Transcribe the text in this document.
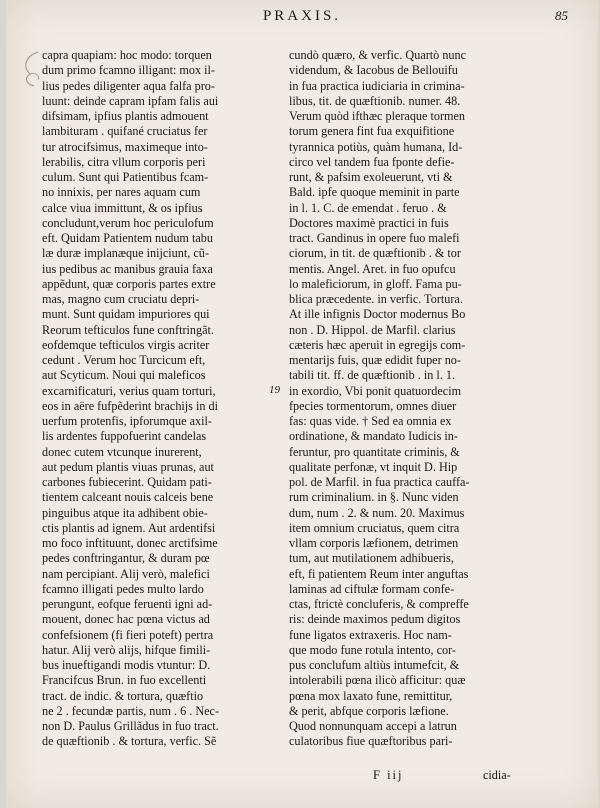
PRAXIS.	85
capra quapiam: hoc modo: torquen
dum primo fcamno illigant: mox il-
lius pedes diligenter aqua falfa pro-
luunt: deinde capram ipfam falis aui
difsimam, ipfius plantis admouent
lambituram . quifané cruciatus fer
tur atrocifsimus, maximeque into-
lerabilis, citra vllum corporis peri
culum. Sunt qui Patientibus fcam-
no innixis, per nares aquam cum
calce viua immittunt, & os ipfius
concludunt,verum hoc periculofum
eft. Quidam Patientem nudum tabu
læ duræ implanæque inijciunt, cũ-
ius pedibus ac manibus grauia faxa
appẽdunt, quæ corporis partes extre
mas, magno cum cruciatu depri-
munt. Sunt quidam impuriores qui
Reorum tefticulos fune conftringãt.
eofdemque tefticulos virgis acriter
cedunt . Verum hoc Turcicum eft,
aut Scyticum. Noui qui maleficos
excarnificaturi, verius quam torturi,
eos in aëre fufpẽderint brachijs in di
uerfum protenfis, ipforumque axil-
lis ardentes fuppofuerint candelas
donec cutem vtcunque inurerent,
aut pedum plantis viuas prunas, aut
carbones fubiecerint. Quidam pati-
tientem calceant nouis calceis bene
pinguibus atque ita adhibent obie-
ctis plantis ad ignem. Aut ardentifsi
mo foco inftituunt, donec arctifsime
pedes conftringantur, & duram pœ
nam percipiant. Alij verò, malefici
fcamno illigati pedes multo lardo
perungunt, eofque feruenti igni ad-
mouent, donec hac pœna victus ad
confefsionem (fi fieri poteft) pertra
hatur. Alij verò alijs, hifque fimili-
bus inueftigandi modis vtuntur: D.
Francifcus Brun. in fuo excellenti
tract. de indic. & tortura, quæftio
ne 2 . fecundæ partis, num . 6 . Nec-
non D. Paulus Grillãdus in fuo tract.
de quæftionib . & tortura, verfic. Sẽ
cundò quæro, & verfic. Quartò nunc
videndum, & Iacobus de Bellouifu
in fua practica iudiciaria in crimina-
libus, tit. de quæftionib. numer. 48.
Verum quòd ifthæc pleraque tormen
torum genera fint fua exquifitione
tyrannica potiùs, quàm humana, Id-
circo vel tandem fua fponte defie-
runt, & pafsim exoleuerunt, vti &
Bald. ipfe quoque meminit in parte
in l. 1. C. de emendat . feruo . &
Doctores maximè practici in fuis
tract. Gandinus in opere fuo malefi
ciorum, in tit. de quæftionib . & tor
mentis. Angel. Aret. in fuo opufcu
lo maleficiorum, in gloff. Fama pu-
blica præcedente. in verfic. Tortura.
At ille infignis Doctor modernus Bo
non . D. Hippol. de Marfil. clarius
cæteris hæc aperuit in egregijs com-
mentarijs fuis, quæ edidit fuper no-
tabili tit. ff. de quæftionib . in l. 1.
in exordio, Vbi ponit quatuordecim
fpecies tormentorum, omnes diuer
fas: quas vide. † Sed ea omnia ex
ordinatione, & mandato Iudicis in-
feruntur, pro quantitate criminis, &
qualitate perfonæ, vt inquit D. Hip
pol. de Marfil. in fua practica cauffa-
rum criminalium. in §. Nunc viden
dum, num . 2. & num. 20. Maximus
item omnium cruciatus, quem citra
vllam corporis læfionem, detrimen
tum, aut mutilationem adhibueris,
eft, fi patientem Reum inter anguftas
laminas ad ciftulæ formam confe-
ctas, ftrictè concluferis, & compreffe
ris: deinde maximos pedum digitos
fune ligatos extraxeris. Hoc nam-
que modo fune rotula intento, cor-
pus conclufum altiùs intumefcit, &
intolerabili pœna ilicò afficitur: quæ
pœna mox laxato fune, remittitur,
& perit, abfque corporis læfione.
Quod nonnunquam accepi a latrun
culatoribus fiue quæftoribus pari-
19
F iij	cidia-
